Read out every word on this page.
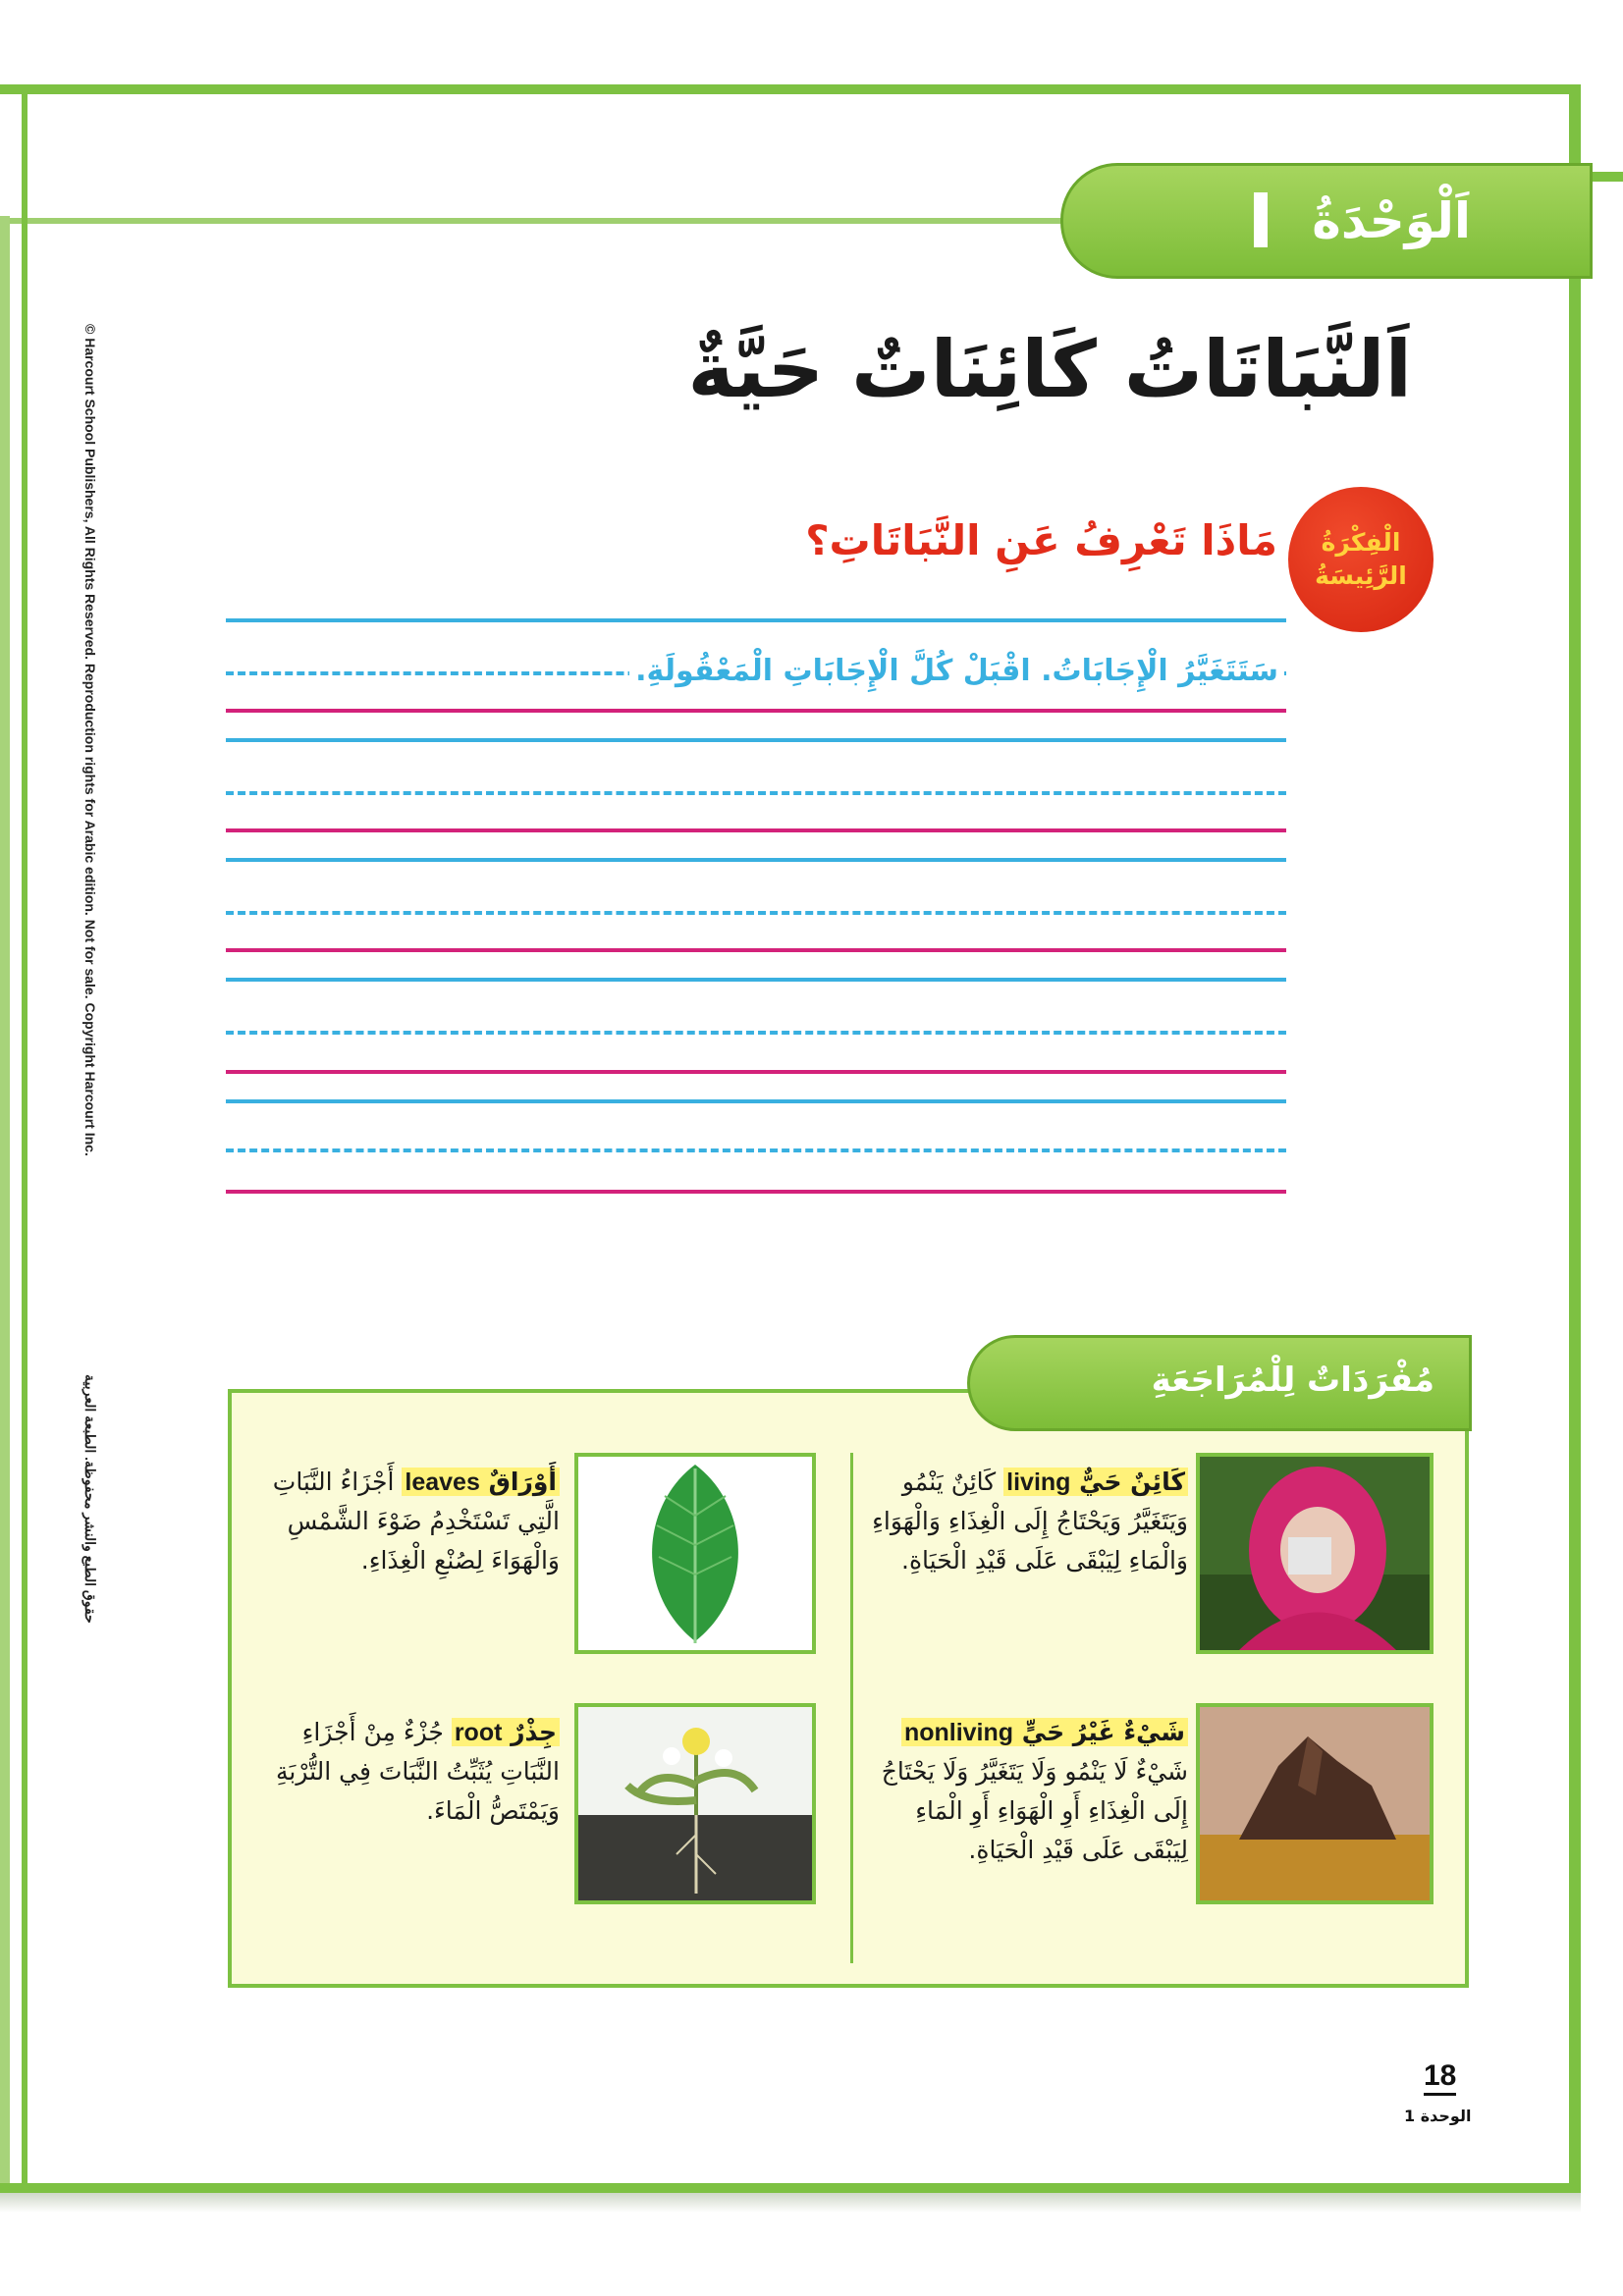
© Harcourt School Publishers, All Rights Reserved. Reproduction rights for Arabic edition. Not for sale. Copyright Harcourt Inc.
حقوق الطبع والنشر محفوظة. الطبعة العربية
اَلْوَحْدَةُ
اَلنَّبَاتَاتُ كَائِنَاتٌ حَيَّةٌ
الْفِكْرَةُ
الرَّئِيسَةُ
مَاذَا تَعْرِفُ عَنِ النَّبَاتَاتِ؟
سَتَتَغَيَّرُ الْإِجَابَاتُ. اقْبَلْ كُلَّ الْإِجَابَاتِ الْمَعْقُولَةِ.
مُفْرَدَاتٌ لِلْمُرَاجَعَةِ
كَائِنٌ حَيٌّ living كَائِنٌ يَنْمُو وَيَتَغَيَّرُ وَيَحْتَاجُ إِلَى الْغِذَاءِ وَالْهَوَاءِ وَالْمَاءِ لِيَبْقَى عَلَى قَيْدِ الْحَيَاةِ.
أَوْرَاقٌ leaves أَجْزَاءُ النَّبَاتِ الَّتِي تَسْتَخْدِمُ ضَوْءَ الشَّمْسِ وَالْهَوَاءَ لِصُنْعِ الْغِذَاءِ.
شَيْءٌ غَيْرُ حَيٍّ nonliving شَيْءٌ لَا يَنْمُو وَلَا يَتَغَيَّرُ وَلَا يَحْتَاجُ إِلَى الْغِذَاءِ أَوِ الْهَوَاءِ أَوِ الْمَاءِ لِيَبْقَى عَلَى قَيْدِ الْحَيَاةِ.
جِذْرٌ root جُزْءٌ مِنْ أَجْزَاءِ النَّبَاتِ يُثَبِّتُ النَّبَاتَ فِي التُّرْبَةِ وَيَمْتَصُّ الْمَاءَ.
18
الوحدة 1
